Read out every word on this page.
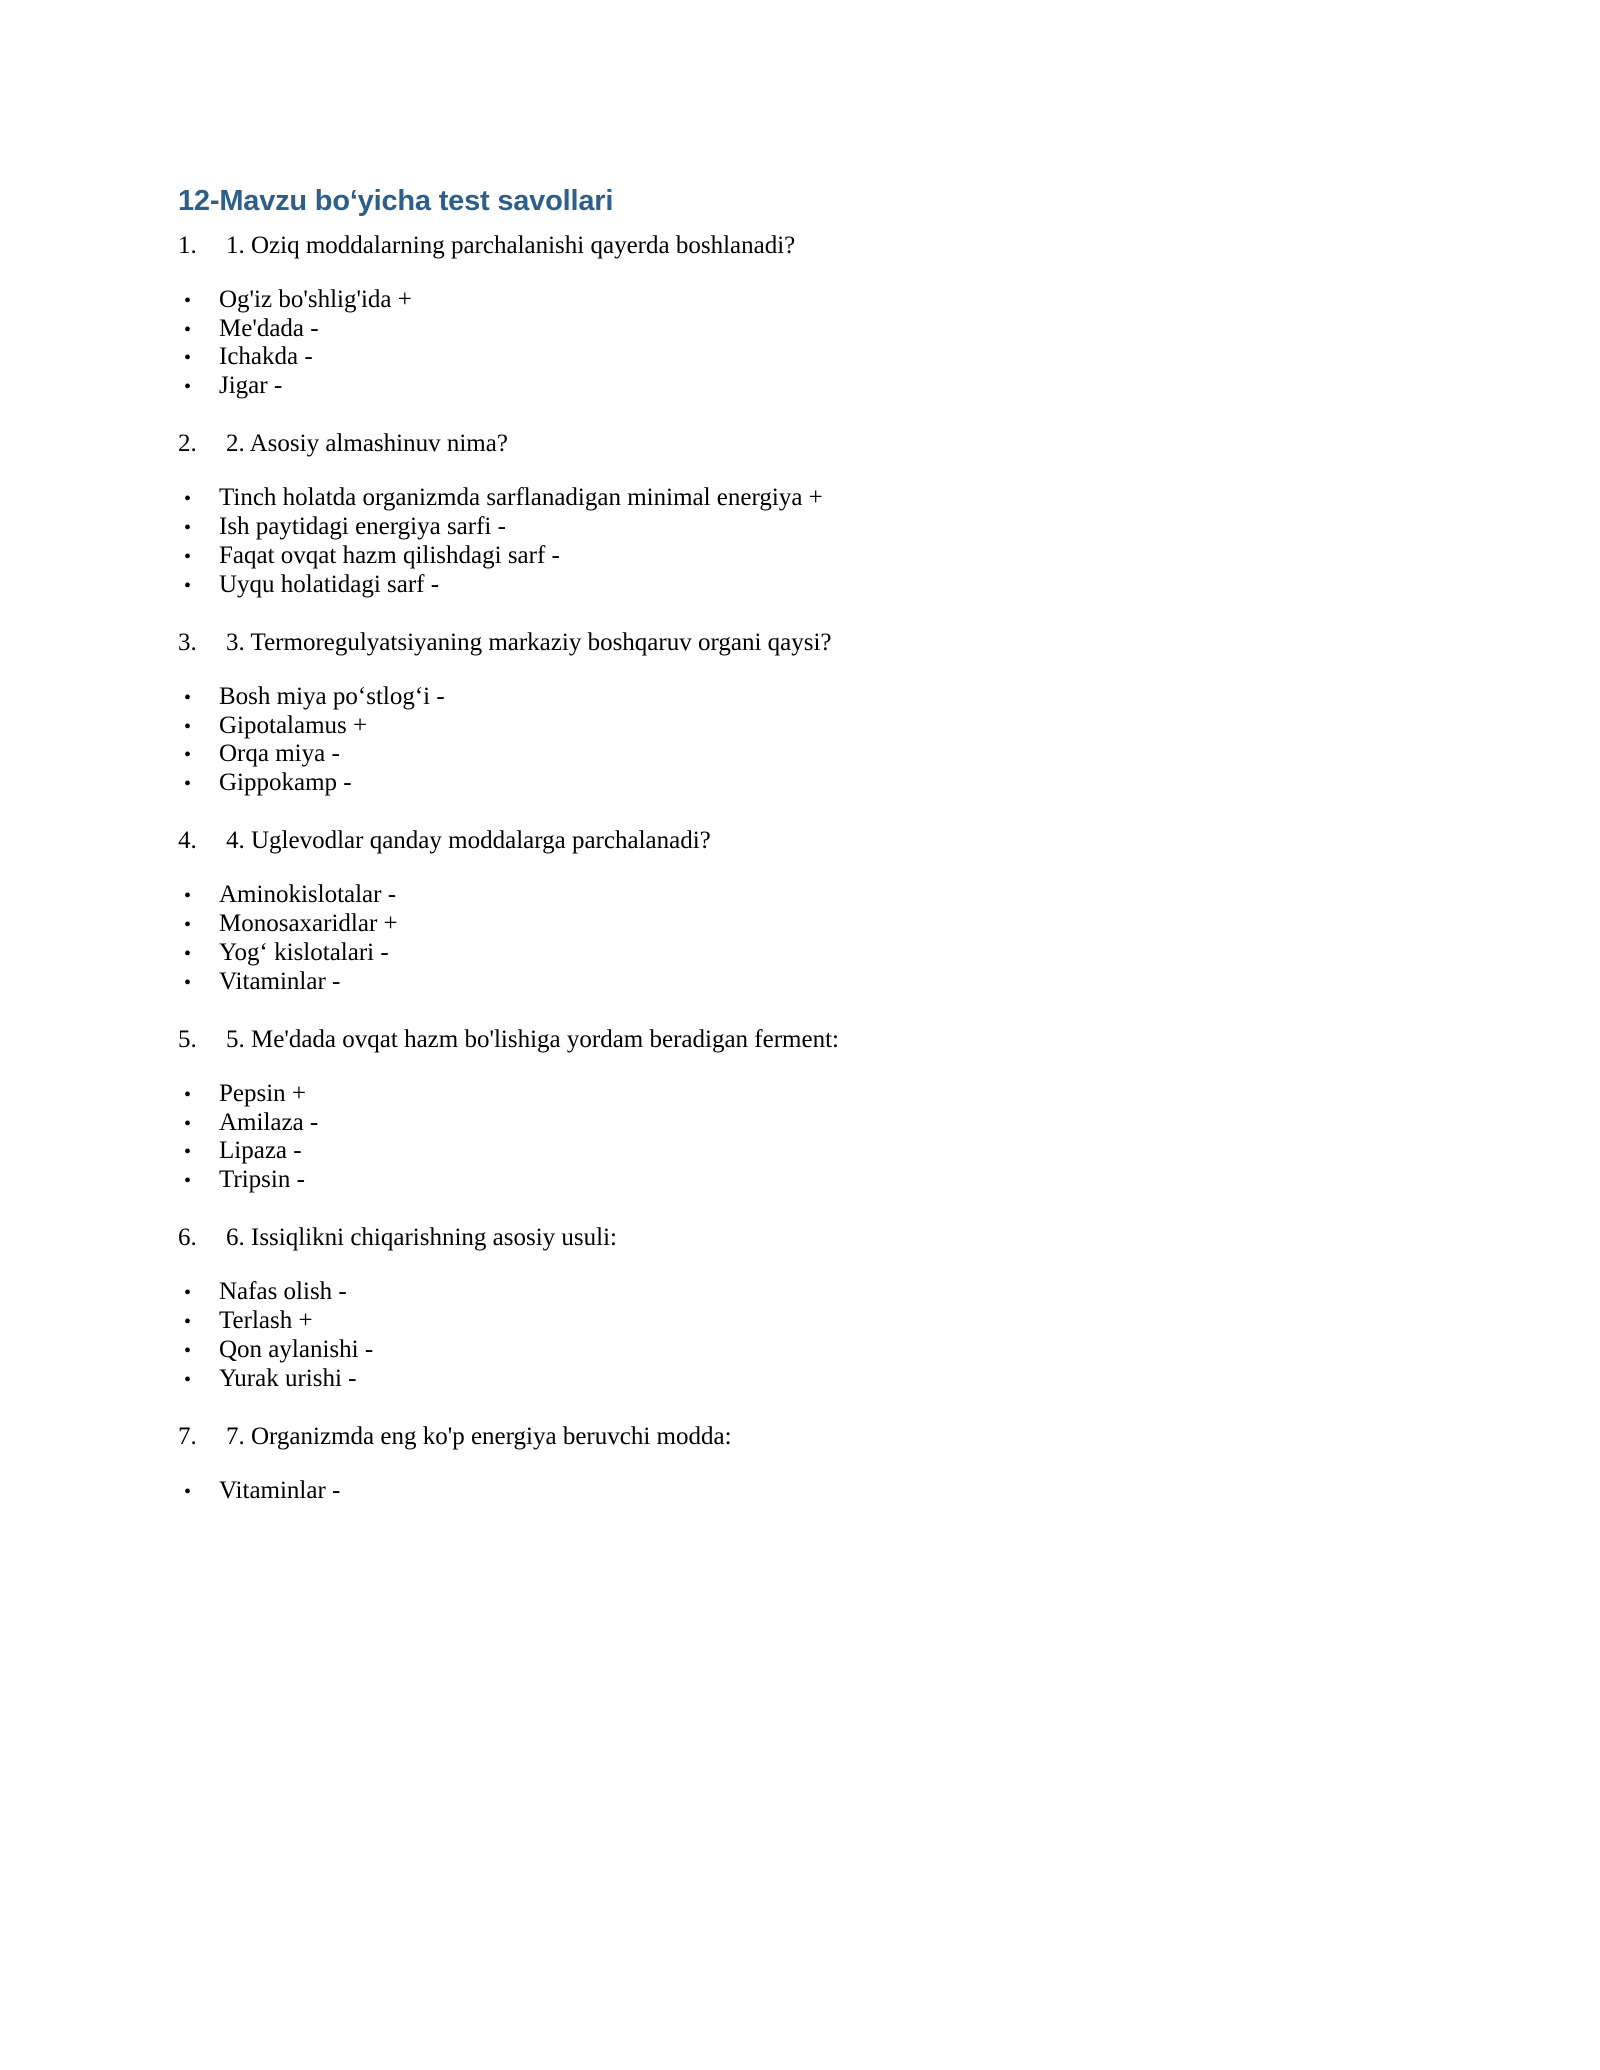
12-Mavzu bo‘yicha test savollari
1.	1. Oziq moddalarning parchalanishi qayerda boshlanadi?
•	Og'iz bo'shlig'ida +
•	Me'dada -
•	Ichakda -
•	Jigar -
2.	2. Asosiy almashinuv nima?
•	Tinch holatda organizmda sarflanadigan minimal energiya +
•	Ish paytidagi energiya sarfi -
•	Faqat ovqat hazm qilishdagi sarf -
•	Uyqu holatidagi sarf -
3.	3. Termoregulyatsiyaning markaziy boshqaruv organi qaysi?
•	Bosh miya po‘stlog‘i -
•	Gipotalamus +
•	Orqa miya -
•	Gippokamp -
4.	4. Uglevodlar qanday moddalarga parchalanadi?
•	Aminokislotalar -
•	Monosaxaridlar +
•	Yog‘ kislotalari -
•	Vitaminlar -
5.	5. Me'dada ovqat hazm bo'lishiga yordam beradigan ferment:
•	Pepsin +
•	Amilaza -
•	Lipaza -
•	Tripsin -
6.	6. Issiqlikni chiqarishning asosiy usuli:
•	Nafas olish -
•	Terlash +
•	Qon aylanishi -
•	Yurak urishi -
7.	7. Organizmda eng ko'p energiya beruvchi modda:
•	Vitaminlar -
